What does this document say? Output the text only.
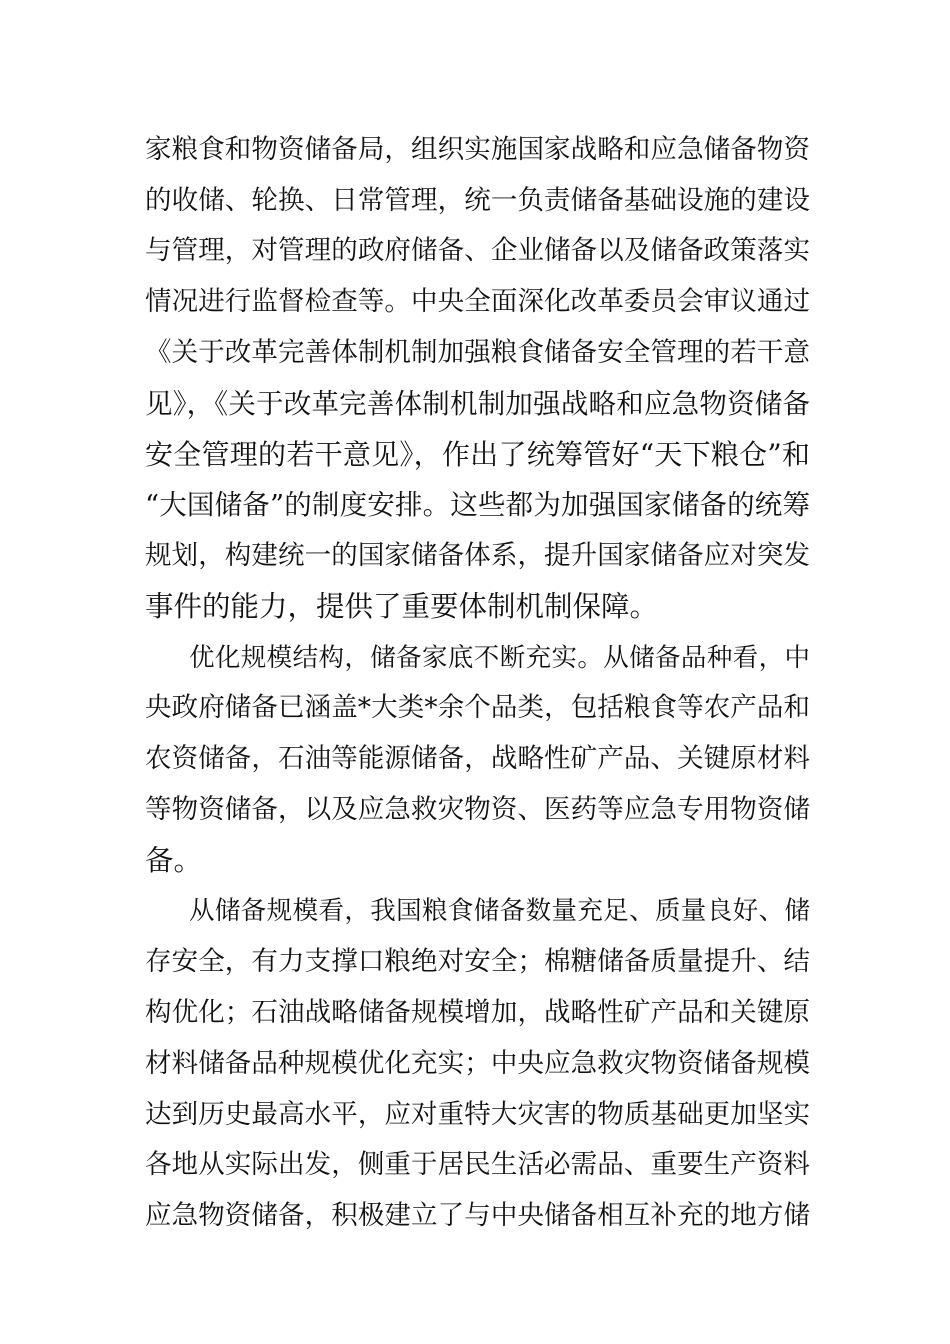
家粮食和物资储备局，组织实施国家战略和应急储备物资
的收储、轮换、日常管理，统一负责储备基础设施的建设
与管理，对管理的政府储备、企业储备以及储备政策落实
情况进行监督检查等。中央全面深化改革委员会审议通过
《关于改革完善体制机制加强粮食储备安全管理的若干意
见》，《关于改革完善体制机制加强战略和应急物资储备
安全管理的若干意见》，作出了统筹管好“天下粮仓”和
“大国储备”的制度安排。这些都为加强国家储备的统筹
规划，构建统一的国家储备体系，提升国家储备应对突发
事件的能力，提供了重要体制机制保障。
优化规模结构，储备家底不断充实。从储备品种看，中
央政府储备已涵盖*大类*余个品类，包括粮食等农产品和
农资储备，石油等能源储备，战略性矿产品、关键原材料
等物资储备，以及应急救灾物资、医药等应急专用物资储
备。
从储备规模看，我国粮食储备数量充足、质量良好、储
存安全，有力支撑口粮绝对安全；棉糖储备质量提升、结
构优化；石油战略储备规模增加，战略性矿产品和关键原
材料储备品种规模优化充实；中央应急救灾物资储备规模
达到历史最高水平，应对重特大灾害的物质基础更加坚实
各地从实际出发，侧重于居民生活必需品、重要生产资料
应急物资储备，积极建立了与中央储备相互补充的地方储
